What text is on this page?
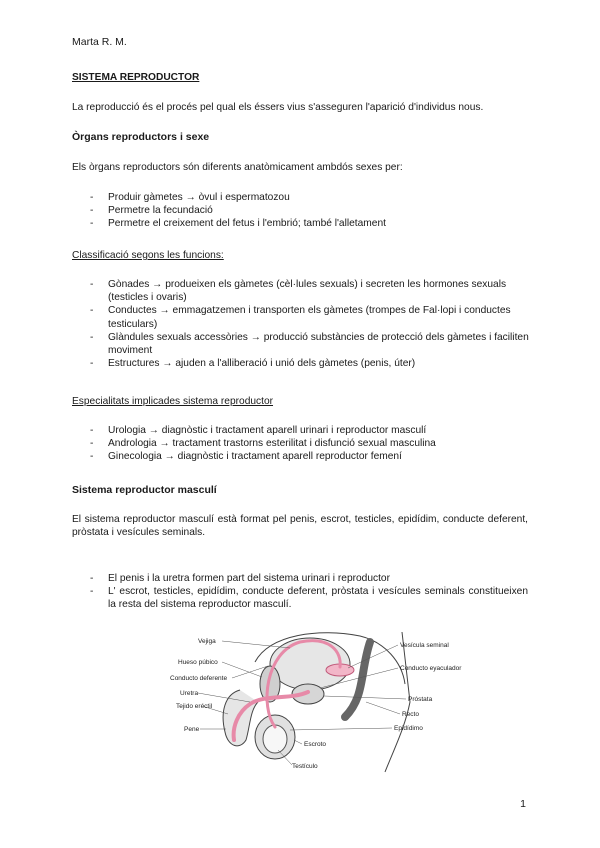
Marta R. M.
SISTEMA REPRODUCTOR
La reproducció és el procés pel qual els éssers vius s'asseguren l'aparició d'individus nous.
Òrgans reproductors i sexe
Els òrgans reproductors són diferents anatòmicament ambdós sexes per:
- Produir gàmetes → òvul i espermatozou
- Permetre la fecundació
- Permetre el creixement del fetus i l'embrió; també l'alletament
Classificació segons les funcions:
- Gònades → produeixen els gàmetes (cèl·lules sexuals) i secreten les hormones sexuals (testicles i ovaris)
- Conductes → emmagatzemen i transporten els gàmetes (trompes de Fal·lopi i conductes testiculars)
- Glàndules sexuals accessòries → producció substàncies de protecció dels gàmetes i faciliten moviment
- Estructures → ajuden a l'alliberació i unió dels gàmetes (penis, úter)
Especialitats implicades sistema reproductor
- Urologia → diagnòstic i tractament aparell urinari i reproductor masculí
- Andrologia → tractament trastorns esterilitat i disfunció sexual masculina
- Ginecologia → diagnòstic i tractament aparell reproductor femení
Sistema reproductor masculí
El sistema reproductor masculí està format pel penis, escrot, testicles, epidídim, conducte deferent, pròstata i vesícules seminals.
- El penis i la uretra formen part del sistema urinari i reproductor
- L' escrot, testicles, epidídim, conducte deferent, pròstata i vesícules seminals constitueixen la resta del sistema reproductor masculí.
Vejiga
Hueso púbico
Conducto deferente
Uretra
Tejido eréctil
Pene
Vesícula seminal
Conducto eyaculador
Próstata
Recto
Epidídimo
Escroto
Testículo
1
